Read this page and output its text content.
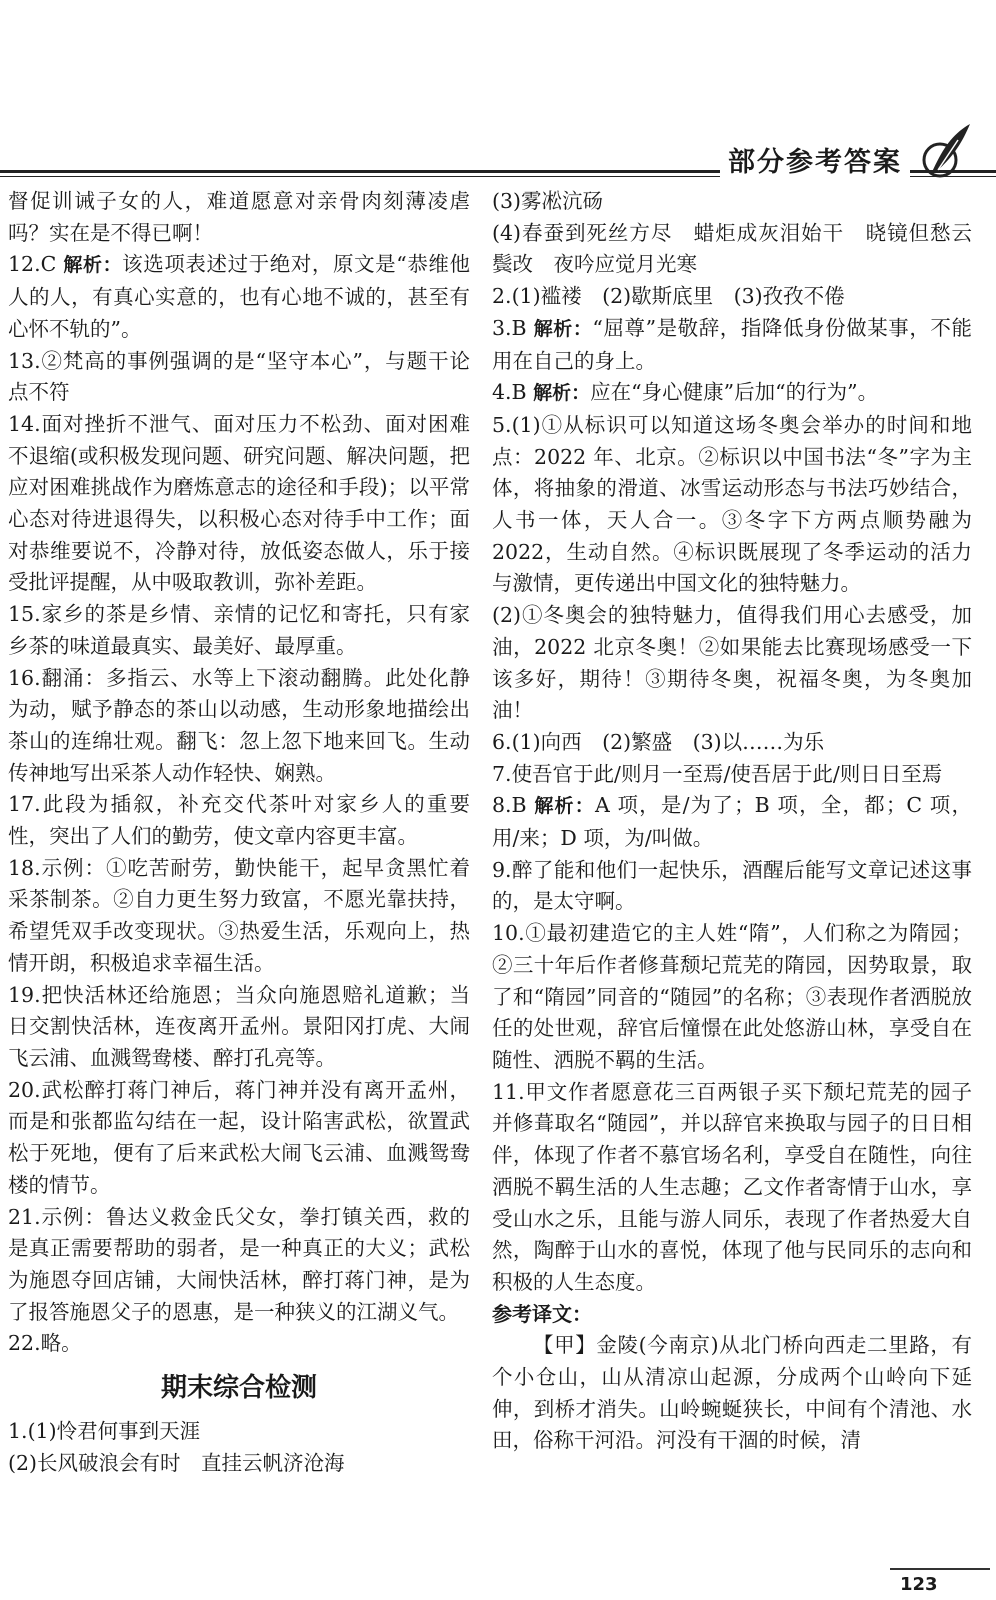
部分参考答案

督促训诫子女的人，难道愿意对亲骨肉刻薄凌虐吗？实在是不得已啊！

12.C 解析：该选项表述过于绝对，原文是“恭维他人的人，有真心实意的，也有心地不诚的，甚至有心怀不轨的”。

13.②梵高的事例强调的是“坚守本心”，与题干论点不符

14.面对挫折不泄气、面对压力不松劲、面对困难不退缩(或积极发现问题、研究问题、解决问题，把应对困难挑战作为磨炼意志的途径和手段)；以平常心态对待进退得失，以积极心态对待手中工作；面对恭维要说不，冷静对待，放低姿态做人，乐于接受批评提醒，从中吸取教训，弥补差距。

15.家乡的茶是乡情、亲情的记忆和寄托，只有家乡茶的味道最真实、最美好、最厚重。

16.翻涌：多指云、水等上下滚动翻腾。此处化静为动，赋予静态的茶山以动感，生动形象地描绘出茶山的连绵壮观。翻飞：忽上忽下地来回飞。生动传神地写出采茶人动作轻快、娴熟。

17.此段为插叙，补充交代茶叶对家乡人的重要性，突出了人们的勤劳，使文章内容更丰富。

18.示例：①吃苦耐劳，勤快能干，起早贪黑忙着采茶制茶。②自力更生努力致富，不愿光靠扶持，希望凭双手改变现状。③热爱生活，乐观向上，热情开朗，积极追求幸福生活。

19.把快活林还给施恩；当众向施恩赔礼道歉；当日交割快活林，连夜离开孟州。景阳冈打虎、大闹飞云浦、血溅鸳鸯楼、醉打孔亮等。

20.武松醉打蒋门神后，蒋门神并没有离开孟州，而是和张都监勾结在一起，设计陷害武松，欲置武松于死地，便有了后来武松大闹飞云浦、血溅鸳鸯楼的情节。

21.示例：鲁达义救金氏父女，拳打镇关西，救的是真正需要帮助的弱者，是一种真正的大义；武松为施恩夺回店铺，大闹快活林，醉打蒋门神，是为了报答施恩父子的恩惠，是一种狭义的江湖义气。

22.略。

期末综合检测

1.(1)怜君何事到天涯

(2)长风破浪会有时　直挂云帆济沧海

(3)雾凇沆砀

(4)春蚕到死丝方尽　蜡炬成灰泪始干　晓镜但愁云鬓改　夜吟应觉月光寒

2.(1)褴褛　(2)歇斯底里　(3)孜孜不倦

3.B 解析：“屈尊”是敬辞，指降低身份做某事，不能用在自己的身上。

4.B 解析：应在“身心健康”后加“的行为”。

5.(1)①从标识可以知道这场冬奥会举办的时间和地点：2022 年、北京。②标识以中国书法“冬”字为主体，将抽象的滑道、冰雪运动形态与书法巧妙结合，人书一体，天人合一。③冬字下方两点顺势融为 2022，生动自然。④标识既展现了冬季运动的活力与激情，更传递出中国文化的独特魅力。

(2)①冬奥会的独特魅力，值得我们用心去感受，加油，2022 北京冬奥！②如果能去比赛现场感受一下该多好，期待！③期待冬奥，祝福冬奥，为冬奥加油！

6.(1)向西　(2)繁盛　(3)以……为乐

7.使吾官于此/则月一至焉/使吾居于此/则日日至焉

8.B 解析：A 项，是/为了；B 项，全，都；C 项，用/来；D 项，为/叫做。

9.醉了能和他们一起快乐，酒醒后能写文章记述这事的，是太守啊。

10.①最初建造它的主人姓“隋”，人们称之为隋园；②三十年后作者修葺颓圮荒芜的隋园，因势取景，取了和“隋园”同音的“随园”的名称；③表现作者洒脱放任的处世观，辞官后憧憬在此处悠游山林，享受自在随性、洒脱不羁的生活。

11.甲文作者愿意花三百两银子买下颓圮荒芜的园子并修葺取名“随园”，并以辞官来换取与园子的日日相伴，体现了作者不慕官场名利，享受自在随性，向往洒脱不羁生活的人生志趣；乙文作者寄情于山水，享受山水之乐，且能与游人同乐，表现了作者热爱大自然，陶醉于山水的喜悦，体现了他与民同乐的志向和积极的人生态度。

参考译文：

【甲】金陵(今南京)从北门桥向西走二里路，有个小仓山，山从清凉山起源，分成两个山岭向下延伸，到桥才消失。山岭蜿蜒狭长，中间有个清池、水田，俗称干河沿。河没有干涸的时候，清

123
